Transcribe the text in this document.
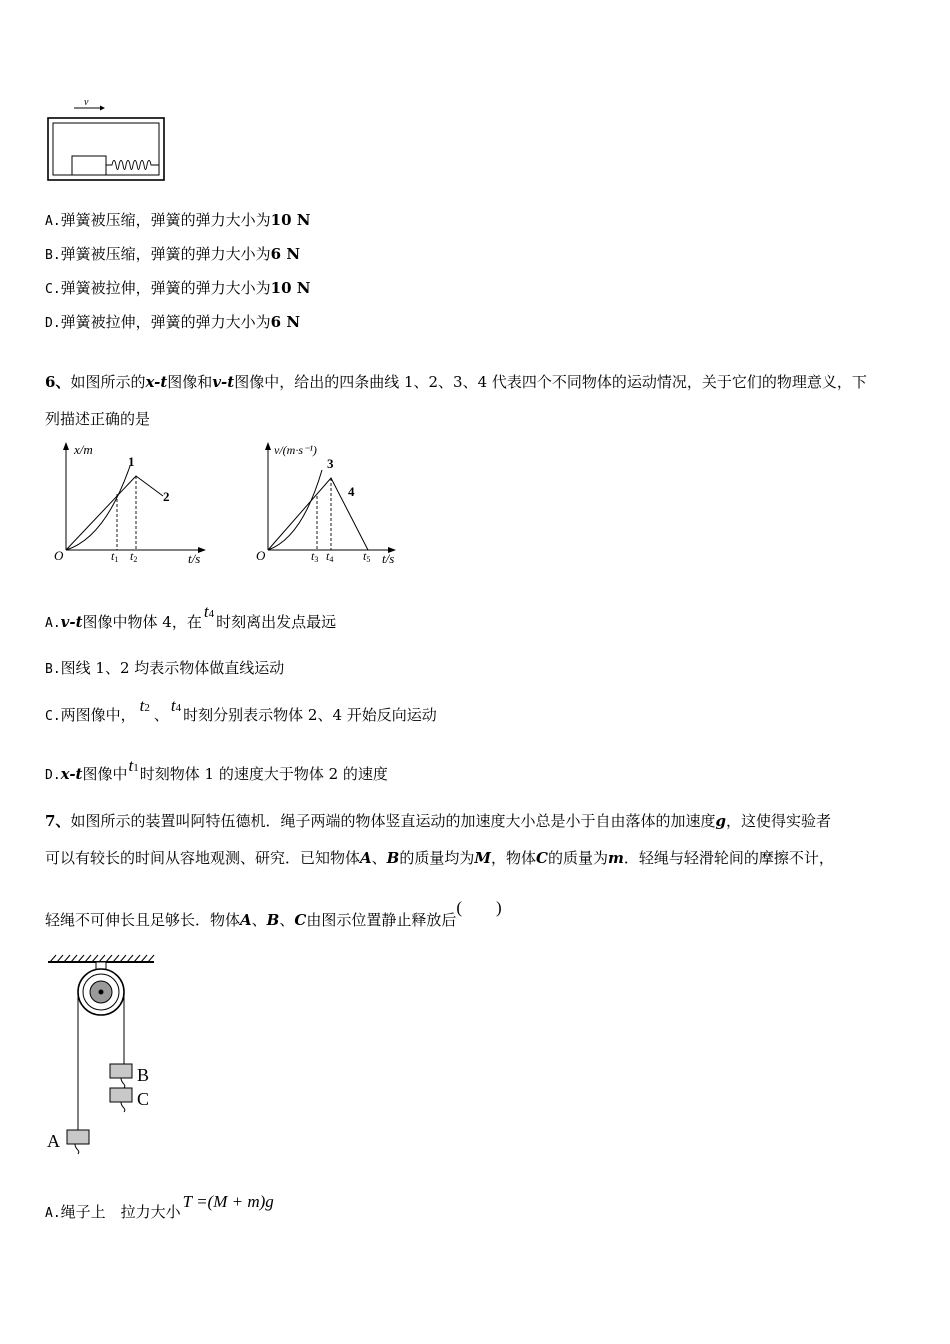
v
A.弹簧被压缩，弹簧的弹力大小为10 N
B.弹簧被压缩，弹簧的弹力大小为6 N
C.弹簧被拉伸，弹簧的弹力大小为10 N
D.弹簧被拉伸，弹簧的弹力大小为6 N
6、如图所示的x-t图像和v-t图像中，给出的四条曲线 1、2、3、4 代表四个不同物体的运动情况，关于它们的物理意义，下
列描述正确的是
x/m
t/s
O	t1 t2
1
2
v/(m·s⁻¹)
t/s
O	t3 t4 t5
3
4
A.v-t图像中物体 4，在t4 时刻离出发点最远
B.图线 1、2 均表示物体做直线运动
C.两图像中， t2 、 t4 时刻分别表示物体 2、4 开始反向运动
D.x-t图像中t1时刻物体 1 的速度大于物体 2 的速度
7、如图所示的装置叫阿特伍德机．绳子两端的物体竖直运动的加速度大小总是小于自由落体的加速度g，这使得实验者
可以有较长的时间从容地观测、研究．已知物体A、B的质量均为M，物体C的质量为m．轻绳与轻滑轮间的摩擦不计，
轻绳不可伸长且足够长．物体A、B、C由图示位置静止释放后(        )
B
C
A
A.绳子上　拉力大小T =(M + m)g
